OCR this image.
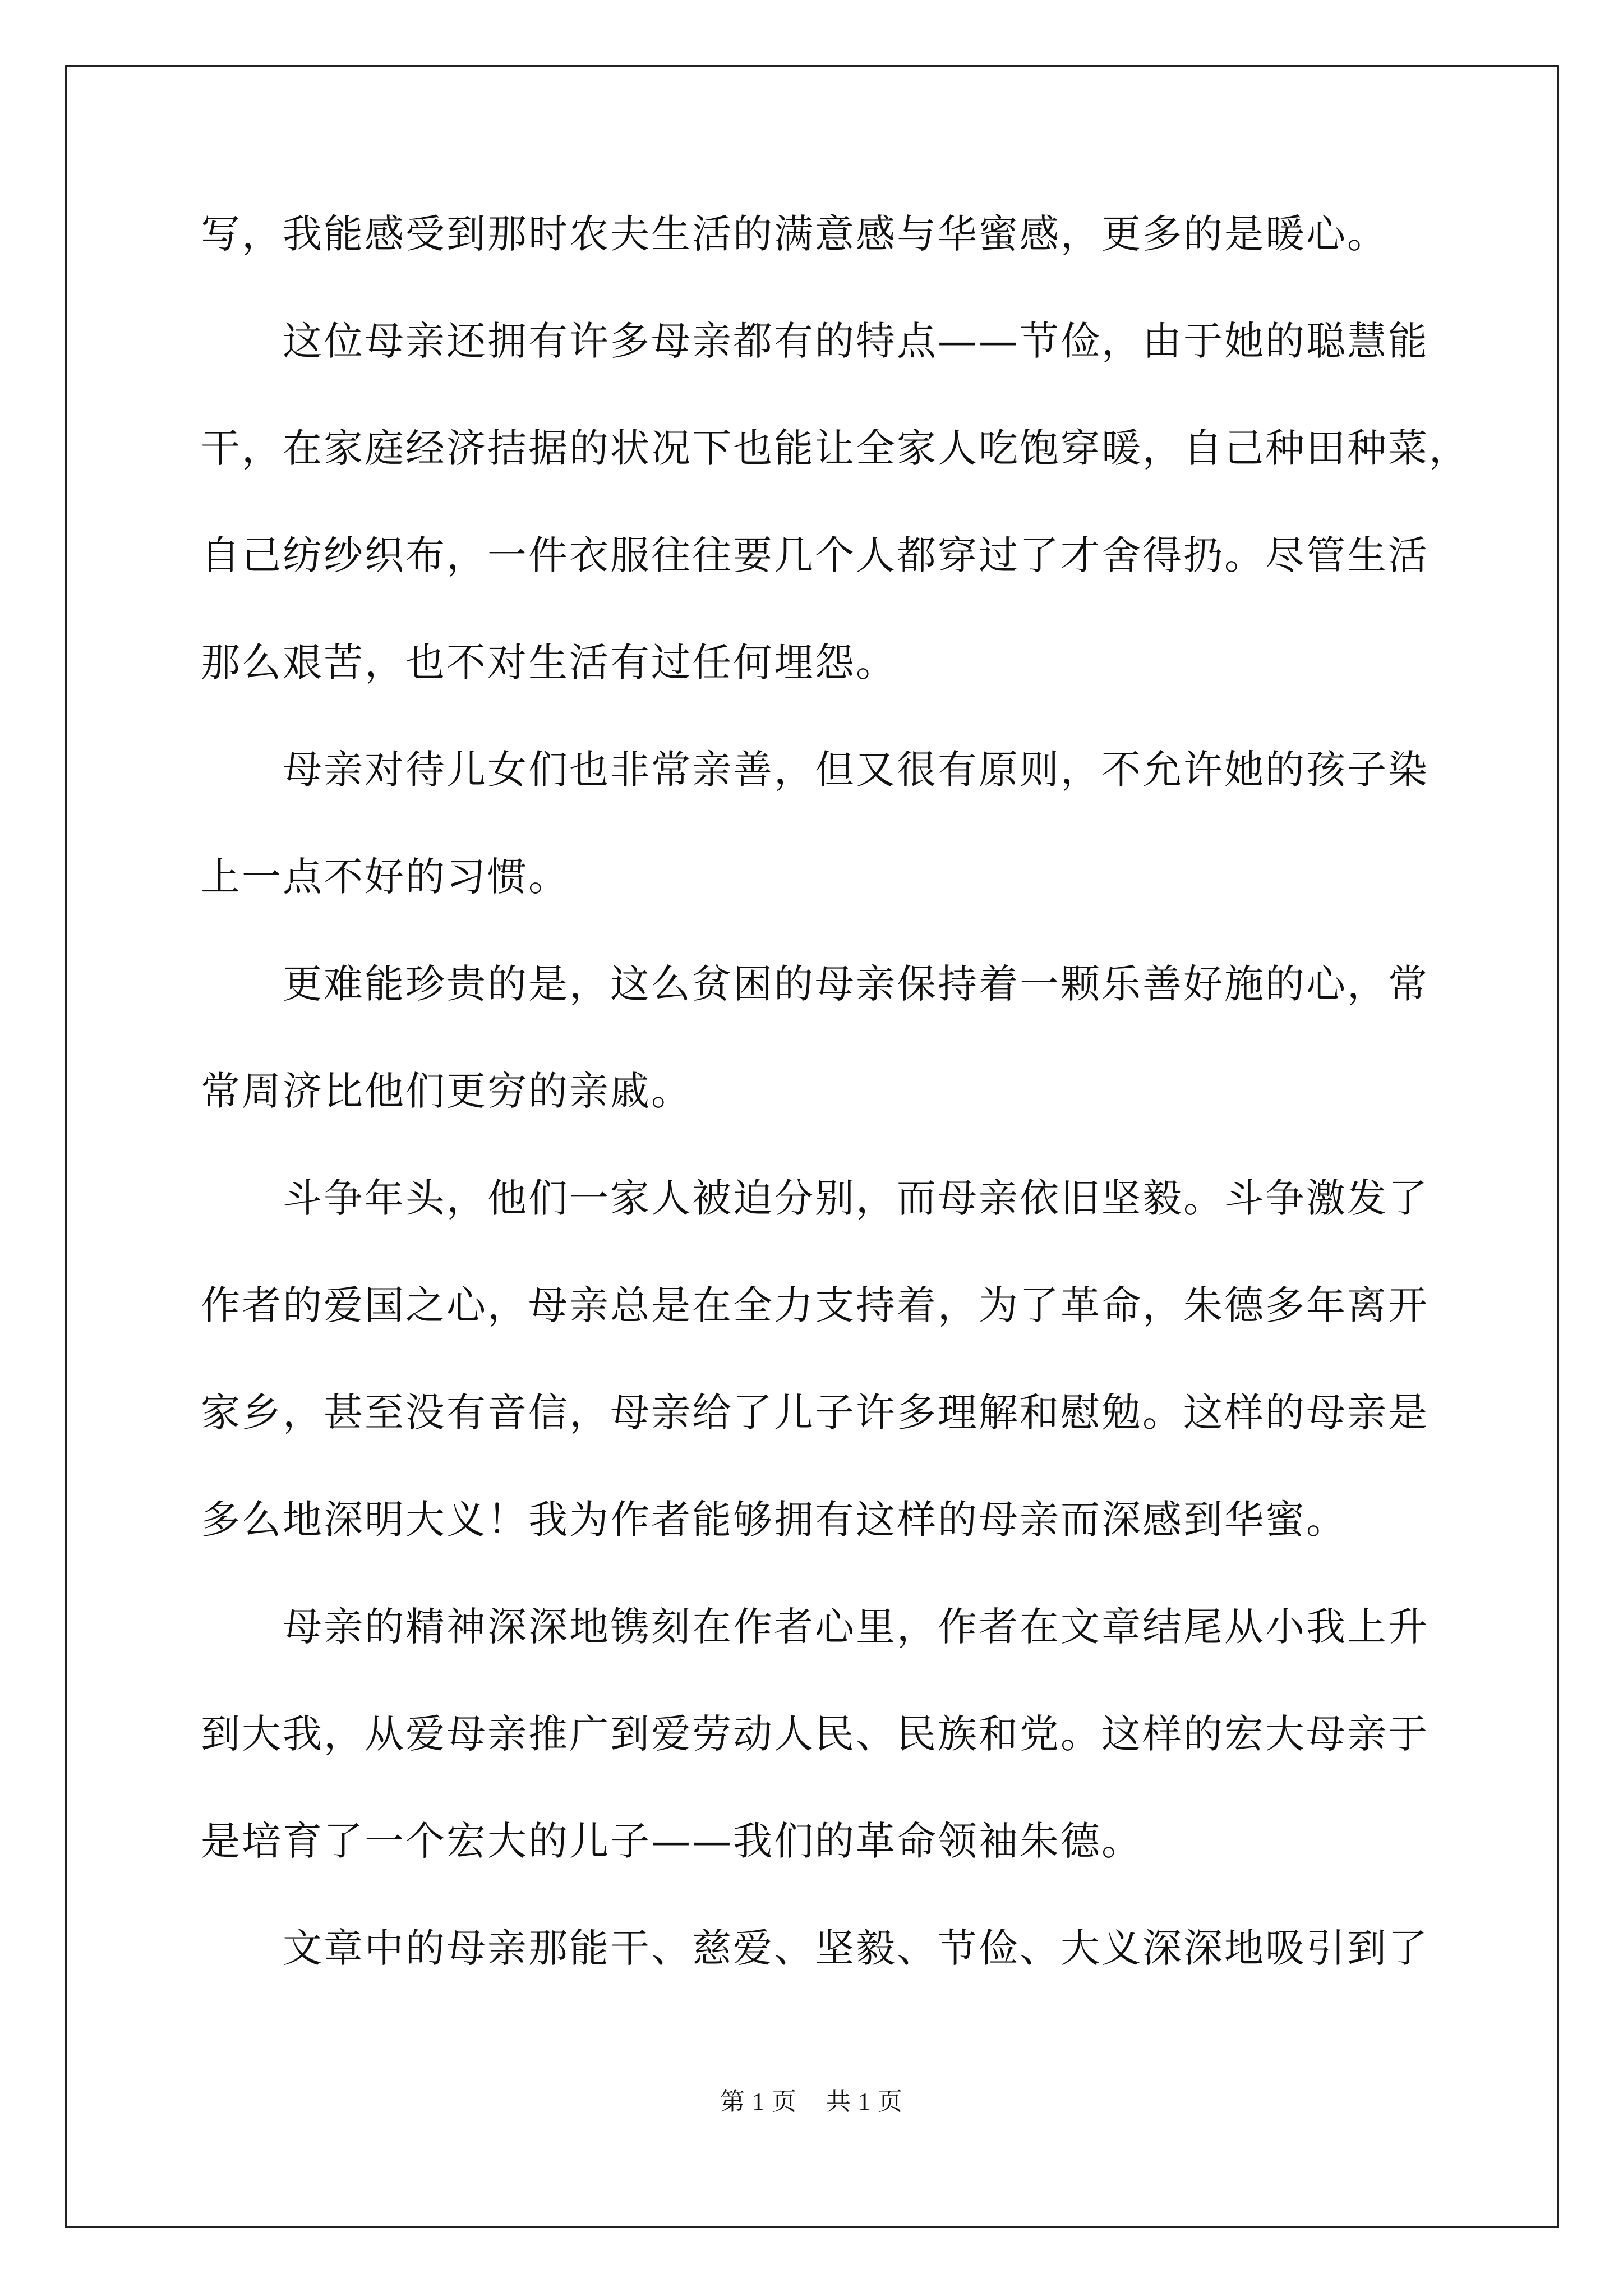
写，我能感受到那时农夫生活的满意感与华蜜感，更多的是暖心。
这位母亲还拥有许多母亲都有的特点——节俭，由于她的聪慧能
干，在家庭经济拮据的状况下也能让全家人吃饱穿暖，自己种田种菜，
自己纺纱织布，一件衣服往往要几个人都穿过了才舍得扔。尽管生活
那么艰苦，也不对生活有过任何埋怨。
母亲对待儿女们也非常亲善，但又很有原则，不允许她的孩子染
上一点不好的习惯。
更难能珍贵的是，这么贫困的母亲保持着一颗乐善好施的心，常
常周济比他们更穷的亲戚。
斗争年头，他们一家人被迫分别，而母亲依旧坚毅。斗争激发了
作者的爱国之心，母亲总是在全力支持着，为了革命，朱德多年离开
家乡，甚至没有音信，母亲给了儿子许多理解和慰勉。这样的母亲是
多么地深明大义！我为作者能够拥有这样的母亲而深感到华蜜。
母亲的精神深深地镌刻在作者心里，作者在文章结尾从小我上升
到大我，从爱母亲推广到爱劳动人民、民族和党。这样的宏大母亲于
是培育了一个宏大的儿子——我们的革命领袖朱德。
文章中的母亲那能干、慈爱、坚毅、节俭、大义深深地吸引到了
第 1 页 共 1 页
